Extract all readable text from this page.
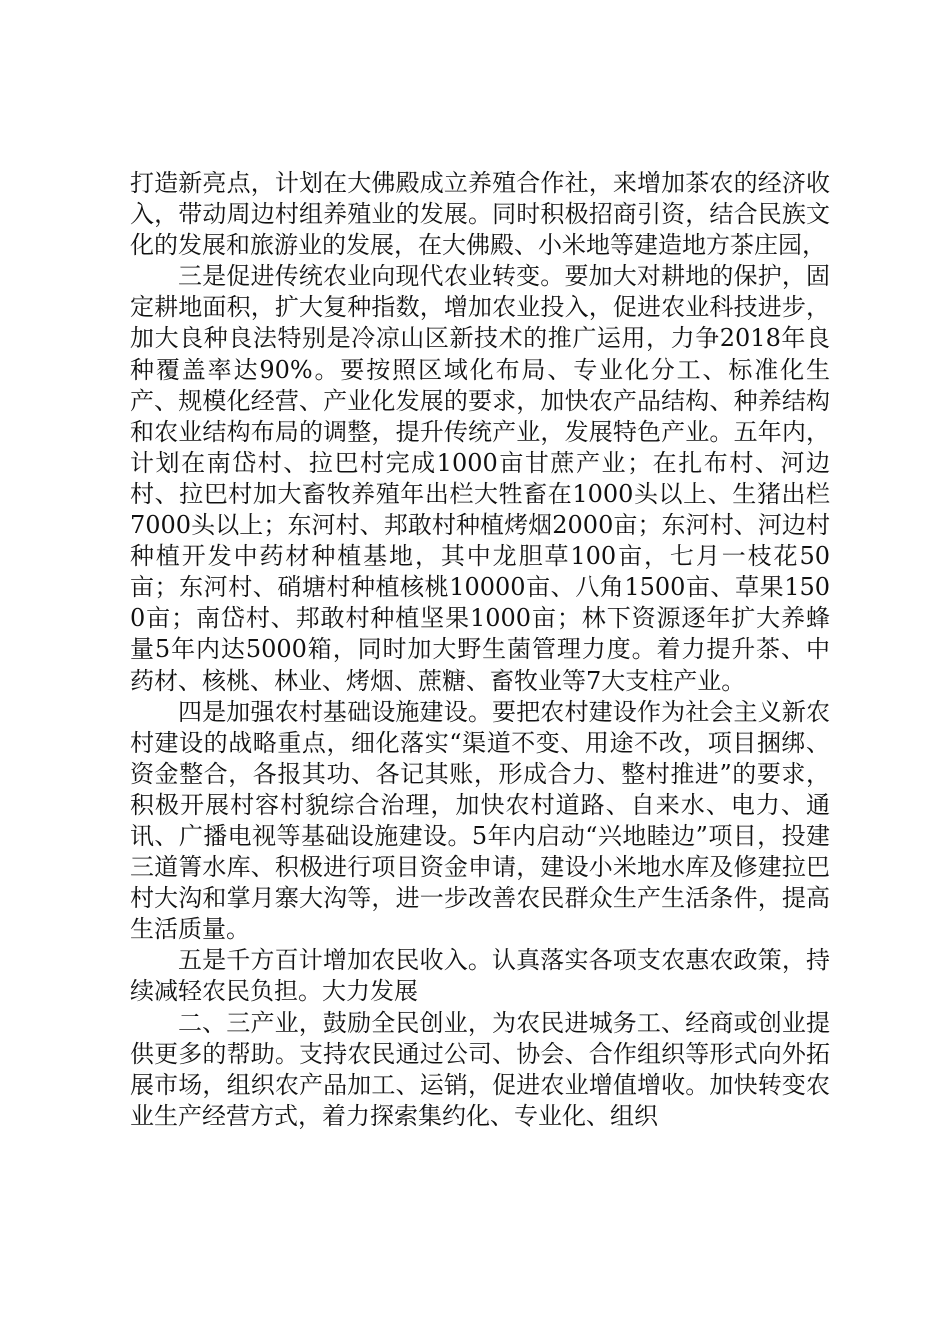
打造新亮点，计划在大佛殿成立养殖合作社，来增加茶农的经济收入，带动周边村组养殖业的发展。同时积极招商引资，结合民族文化的发展和旅游业的发展，在大佛殿、小米地等建造地方茶庄园，

三是促进传统农业向现代农业转变。要加大对耕地的保护，固定耕地面积，扩大复种指数，增加农业投入，促进农业科技进步，加大良种良法特别是冷凉山区新技术的推广运用，力争2018年良种覆盖率达90%。要按照区域化布局、专业化分工、标准化生产、规模化经营、产业化发展的要求，加快农产品结构、种养结构和农业结构布局的调整，提升传统产业，发展特色产业。五年内，计划在南岱村、拉巴村完成1000亩甘蔗产业；在扎布村、河边村、拉巴村加大畜牧养殖年出栏大牲畜在1000头以上、生猪出栏7000头以上；东河村、邦敢村种植烤烟2000亩；东河村、河边村种植开发中药材种植基地，其中龙胆草100亩，七月一枝花50亩；东河村、硝塘村种植核桃10000亩、八角1500亩、草果1500亩；南岱村、邦敢村种植坚果1000亩；林下资源逐年扩大养蜂量5年内达5000箱，同时加大野生菌管理力度。着力提升茶、中药材、核桃、林业、烤烟、蔗糖、畜牧业等7大支柱产业。

四是加强农村基础设施建设。要把农村建设作为社会主义新农村建设的战略重点，细化落实“渠道不变、用途不改，项目捆绑、资金整合，各报其功、各记其账，形成合力、整村推进”的要求，积极开展村容村貌综合治理，加快农村道路、自来水、电力、通讯、广播电视等基础设施建设。5年内启动“兴地睦边”项目，投建三道箐水库、积极进行项目资金申请，建设小米地水库及修建拉巴村大沟和掌月寨大沟等，进一步改善农民群众生产生活条件，提高生活质量。

五是千方百计增加农民收入。认真落实各项支农惠农政策，持续减轻农民负担。大力发展

二、三产业，鼓励全民创业，为农民进城务工、经商或创业提供更多的帮助。支持农民通过公司、协会、合作组织等形式向外拓展市场，组织农产品加工、运销，促进农业增值增收。加快转变农业生产经营方式，着力探索集约化、专业化、组织
